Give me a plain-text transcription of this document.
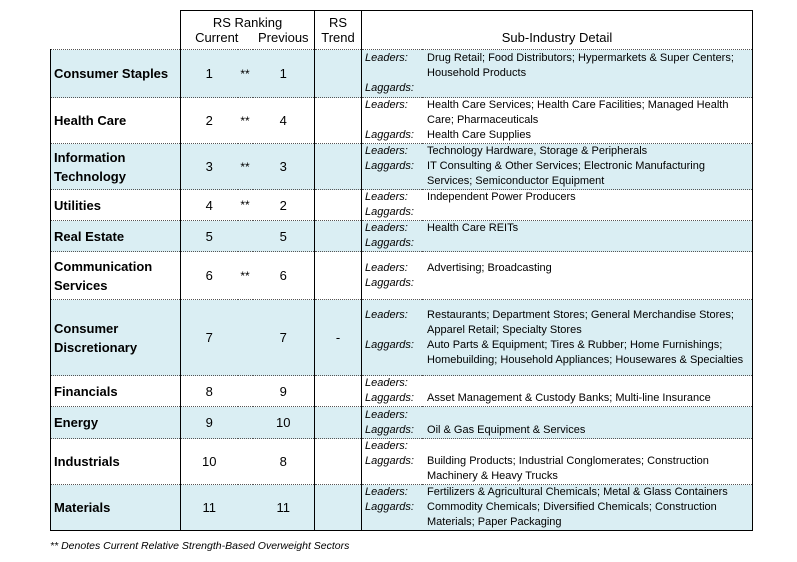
	RS Ranking	RS	
	Current	Previous	Trend	Sub-Industry Detail
Consumer Staples	1	**	1		
Leaders:	Drug Retail; Food Distributors; Hypermarkets & Super Centers; Household Products
Laggards:	

Health Care	2	**	4		
Leaders:	Health Care Services; Health Care Facilities; Managed Health Care; Pharmaceuticals
Laggards:	Health Care Supplies

Information Technology	3	**	3		
Leaders:	Technology Hardware, Storage & Peripherals
Laggards:	IT Consulting & Other Services; Electronic Manufacturing Services; Semiconductor Equipment

Utilities	4	**	2		
Leaders:	Independent Power Producers
Laggards:	

Real Estate	5		5		
Leaders:	Health Care REITs
Laggards:	

Communication Services	6	**	6		
Leaders:	Advertising; Broadcasting
Laggards:	

Consumer Discretionary	7		7	-	
Leaders:	Restaurants; Department Stores; General Merchandise Stores; Apparel Retail; Specialty Stores
Laggards:	Auto Parts & Equipment; Tires & Rubber; Home Furnishings; Homebuilding; Household Appliances; Housewares & Specialties

Financials	8		9		
Leaders:	
Laggards:	Asset Management & Custody Banks; Multi-line Insurance

Energy	9		10		
Leaders:	
Laggards:	Oil & Gas Equipment & Services

Industrials	10		8		
Leaders:	
Laggards:	Building Products; Industrial Conglomerates; Construction Machinery & Heavy Trucks

Materials	11		11		
Leaders:	Fertilizers & Agricultural Chemicals; Metal & Glass Containers
Laggards:	Commodity Chemicals; Diversified Chemicals; Construction Materials; Paper Packaging
** Denotes Current Relative Strength-Based Overweight Sectors
